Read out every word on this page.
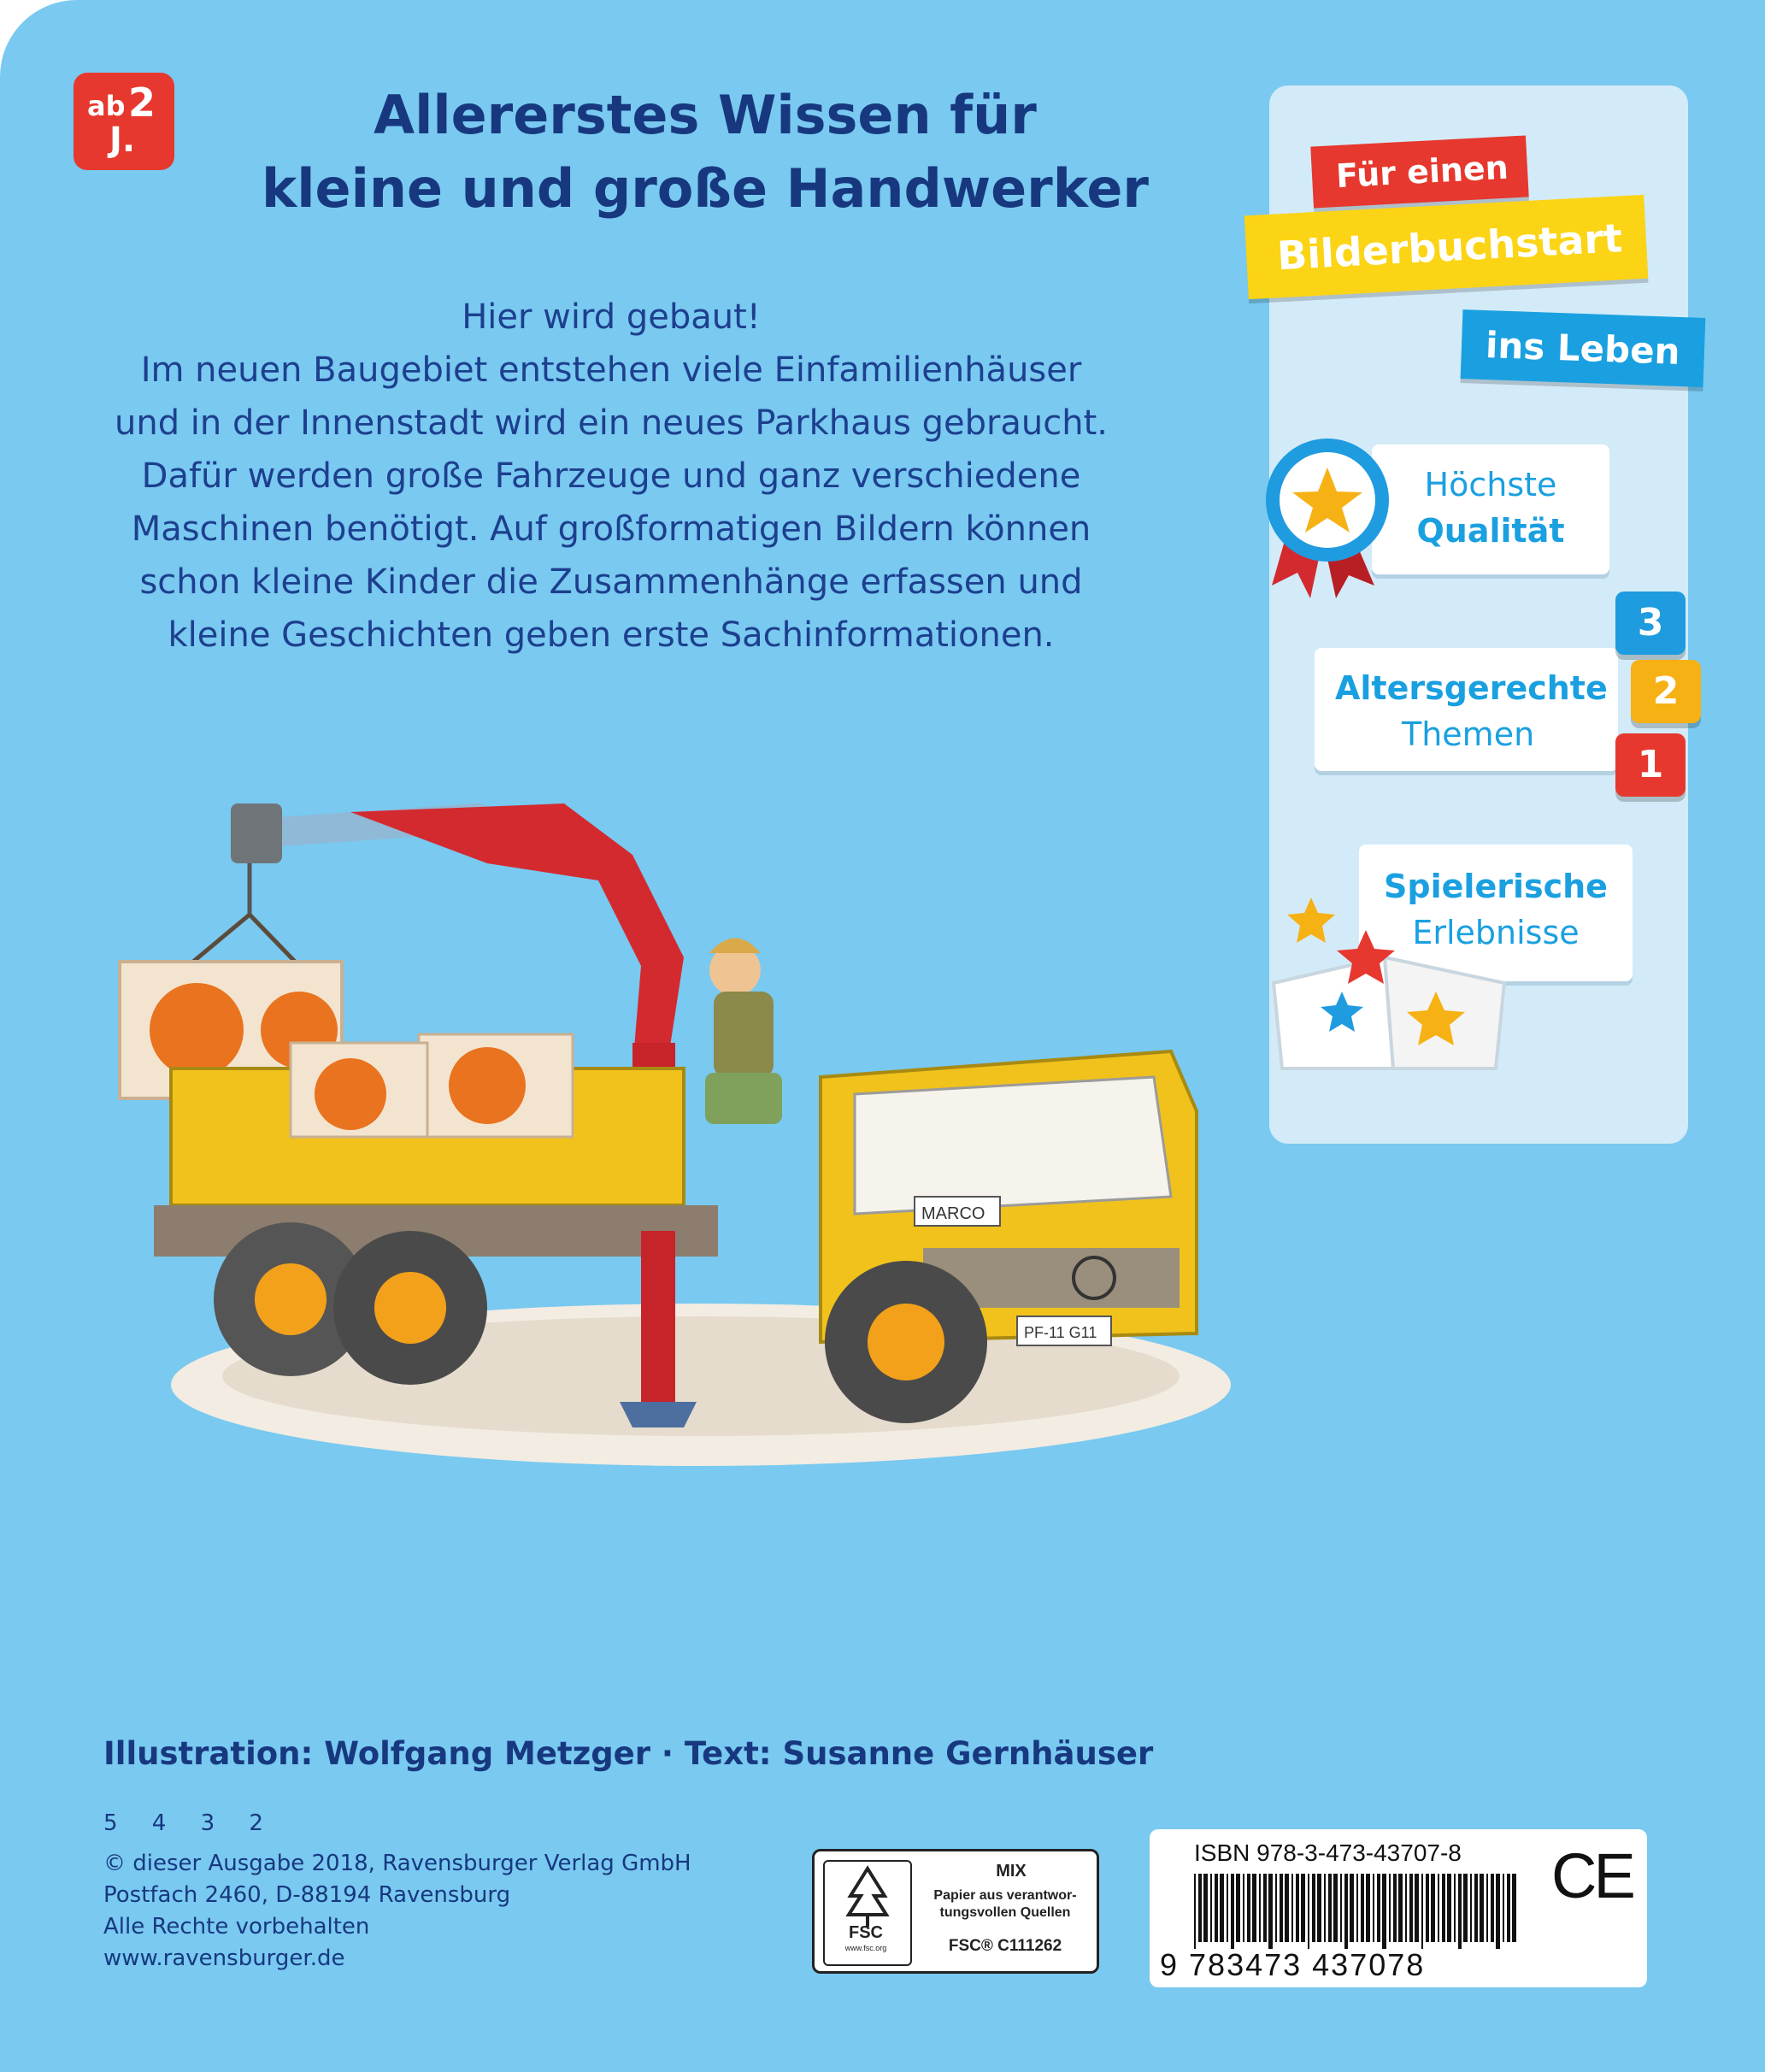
ab 2
J.	Allererstes Wissen für
kleine und große Handwerker
Hier wird gebaut!
Im neuen Baugebiet entstehen viele Einfamilienhäuser
und in der Innenstadt wird ein neues Parkhaus gebraucht.
Dafür werden große Fahrzeuge und ganz verschiedene
Maschinen benötigt. Auf großformatigen Bildern können
schon kleine Kinder die Zusammenhänge erfassen und
kleine Geschichten geben erste Sachinformationen.
MARCO
PF-11 G11
Für einen
Bilderbuchstart
ins Leben
Höchste
Qualität
Altersgerechte
Themen
3
2
1
Spielerische
Erlebnisse
Illustration: Wolfgang Metzger · Text: Susanne Gernhäuser
5 4 3 2
© dieser Ausgabe 2018, Ravensburger Verlag GmbH
Postfach 2460, D-88194 Ravensburg
Alle Rechte vorbehalten
www.ravensburger.de
FSC
www.fsc.org
MIX
Papier aus verantwor-
tungsvollen Quellen
FSC® C111262
ISBN 978-3-473-43707-8
9 783473 437078
CE
